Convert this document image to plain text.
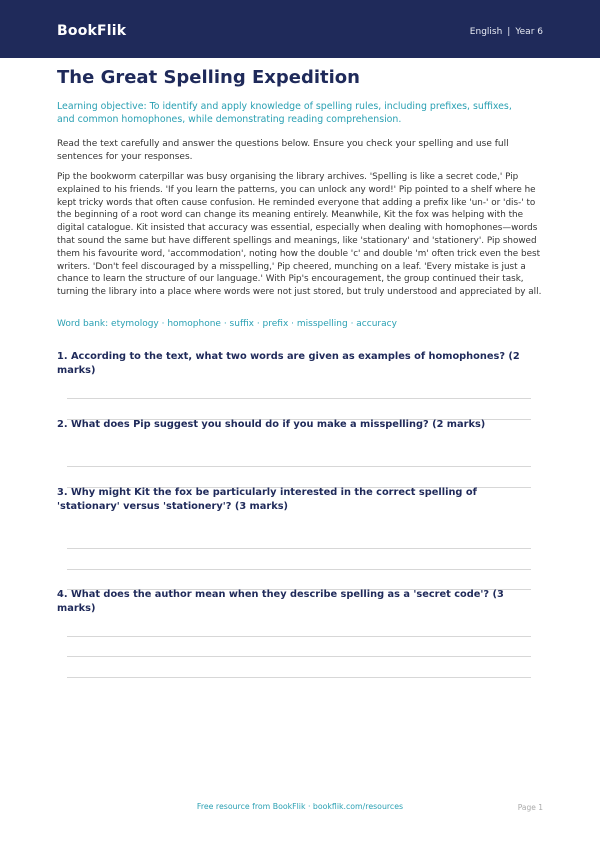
BookFlik	English | Year 6
The Great Spelling Expedition
Learning objective: To identify and apply knowledge of spelling rules, including prefixes, suffixes, and common homophones, while demonstrating reading comprehension.
Read the text carefully and answer the questions below. Ensure you check your spelling and use full sentences for your responses.
Pip the bookworm caterpillar was busy organising the library archives. 'Spelling is like a secret code,' Pip explained to his friends. 'If you learn the patterns, you can unlock any word!' Pip pointed to a shelf where he kept tricky words that often cause confusion. He reminded everyone that adding a prefix like 'un-' or 'dis-' to the beginning of a root word can change its meaning entirely. Meanwhile, Kit the fox was helping with the digital catalogue. Kit insisted that accuracy was essential, especially when dealing with homophones—words that sound the same but have different spellings and meanings, like 'stationary' and 'stationery'. Pip showed them his favourite word, 'accommodation', noting how the double 'c' and double 'm' often trick even the best writers. 'Don't feel discouraged by a misspelling,' Pip cheered, munching on a leaf. 'Every mistake is just a chance to learn the structure of our language.' With Pip's encouragement, the group continued their task, turning the library into a place where words were not just stored, but truly understood and appreciated by all.
Word bank: etymology · homophone · suffix · prefix · misspelling · accuracy
1. According to the text, what two words are given as examples of homophones? (2 marks)
2. What does Pip suggest you should do if you make a misspelling? (2 marks)
3. Why might Kit the fox be particularly interested in the correct spelling of 'stationary' versus 'stationery'? (3 marks)
4. What does the author mean when they describe spelling as a 'secret code'? (3 marks)
Free resource from BookFlik · bookflik.com/resources	Page 1
